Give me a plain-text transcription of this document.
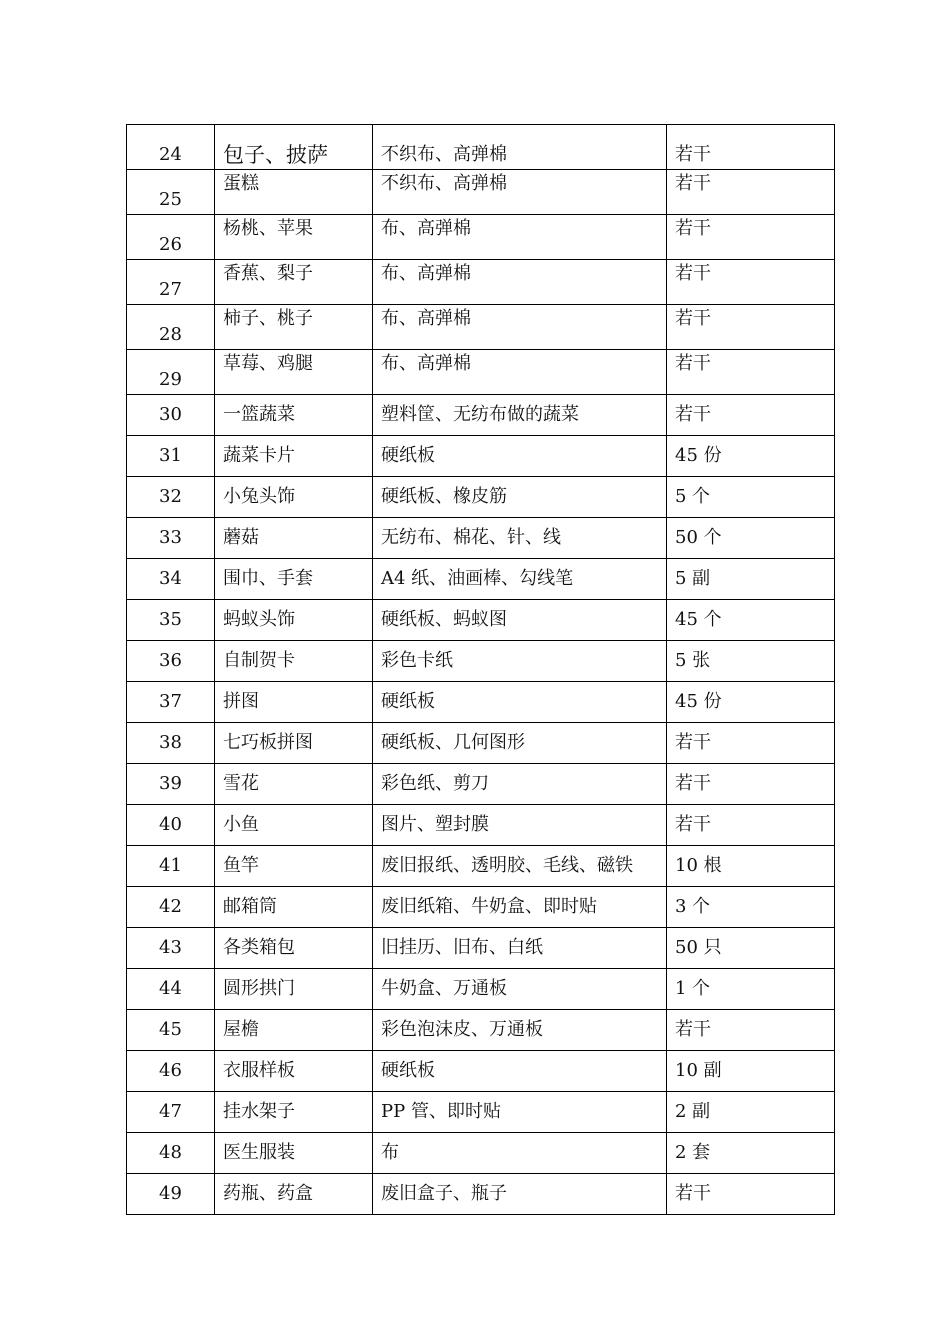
24	包子、披萨	不织布、高弹棉	若干
25	蛋糕	不织布、高弹棉	若干
26	杨桃、苹果	布、高弹棉	若干
27	香蕉、梨子	布、高弹棉	若干
28	柿子、桃子	布、高弹棉	若干
29	草莓、鸡腿	布、高弹棉	若干
30	一篮蔬菜	塑料筐、无纺布做的蔬菜	若干
31	蔬菜卡片	硬纸板	45 份
32	小兔头饰	硬纸板、橡皮筋	5 个
33	蘑菇	无纺布、棉花、针、线	50 个
34	围巾、手套	A4 纸、油画棒、勾线笔	5 副
35	蚂蚁头饰	硬纸板、蚂蚁图	45 个
36	自制贺卡	彩色卡纸	5 张
37	拼图	硬纸板	45 份
38	七巧板拼图	硬纸板、几何图形	若干
39	雪花	彩色纸、剪刀	若干
40	小鱼	图片、塑封膜	若干
41	鱼竿	废旧报纸、透明胶、毛线、磁铁	10 根
42	邮箱筒	废旧纸箱、牛奶盒、即时贴	3 个
43	各类箱包	旧挂历、旧布、白纸	50 只
44	圆形拱门	牛奶盒、万通板	1 个
45	屋檐	彩色泡沫皮、万通板	若干
46	衣服样板	硬纸板	10 副
47	挂水架子	PP 管、即时贴	2 副
48	医生服装	布	2 套
49	药瓶、药盒	废旧盒子、瓶子	若干
